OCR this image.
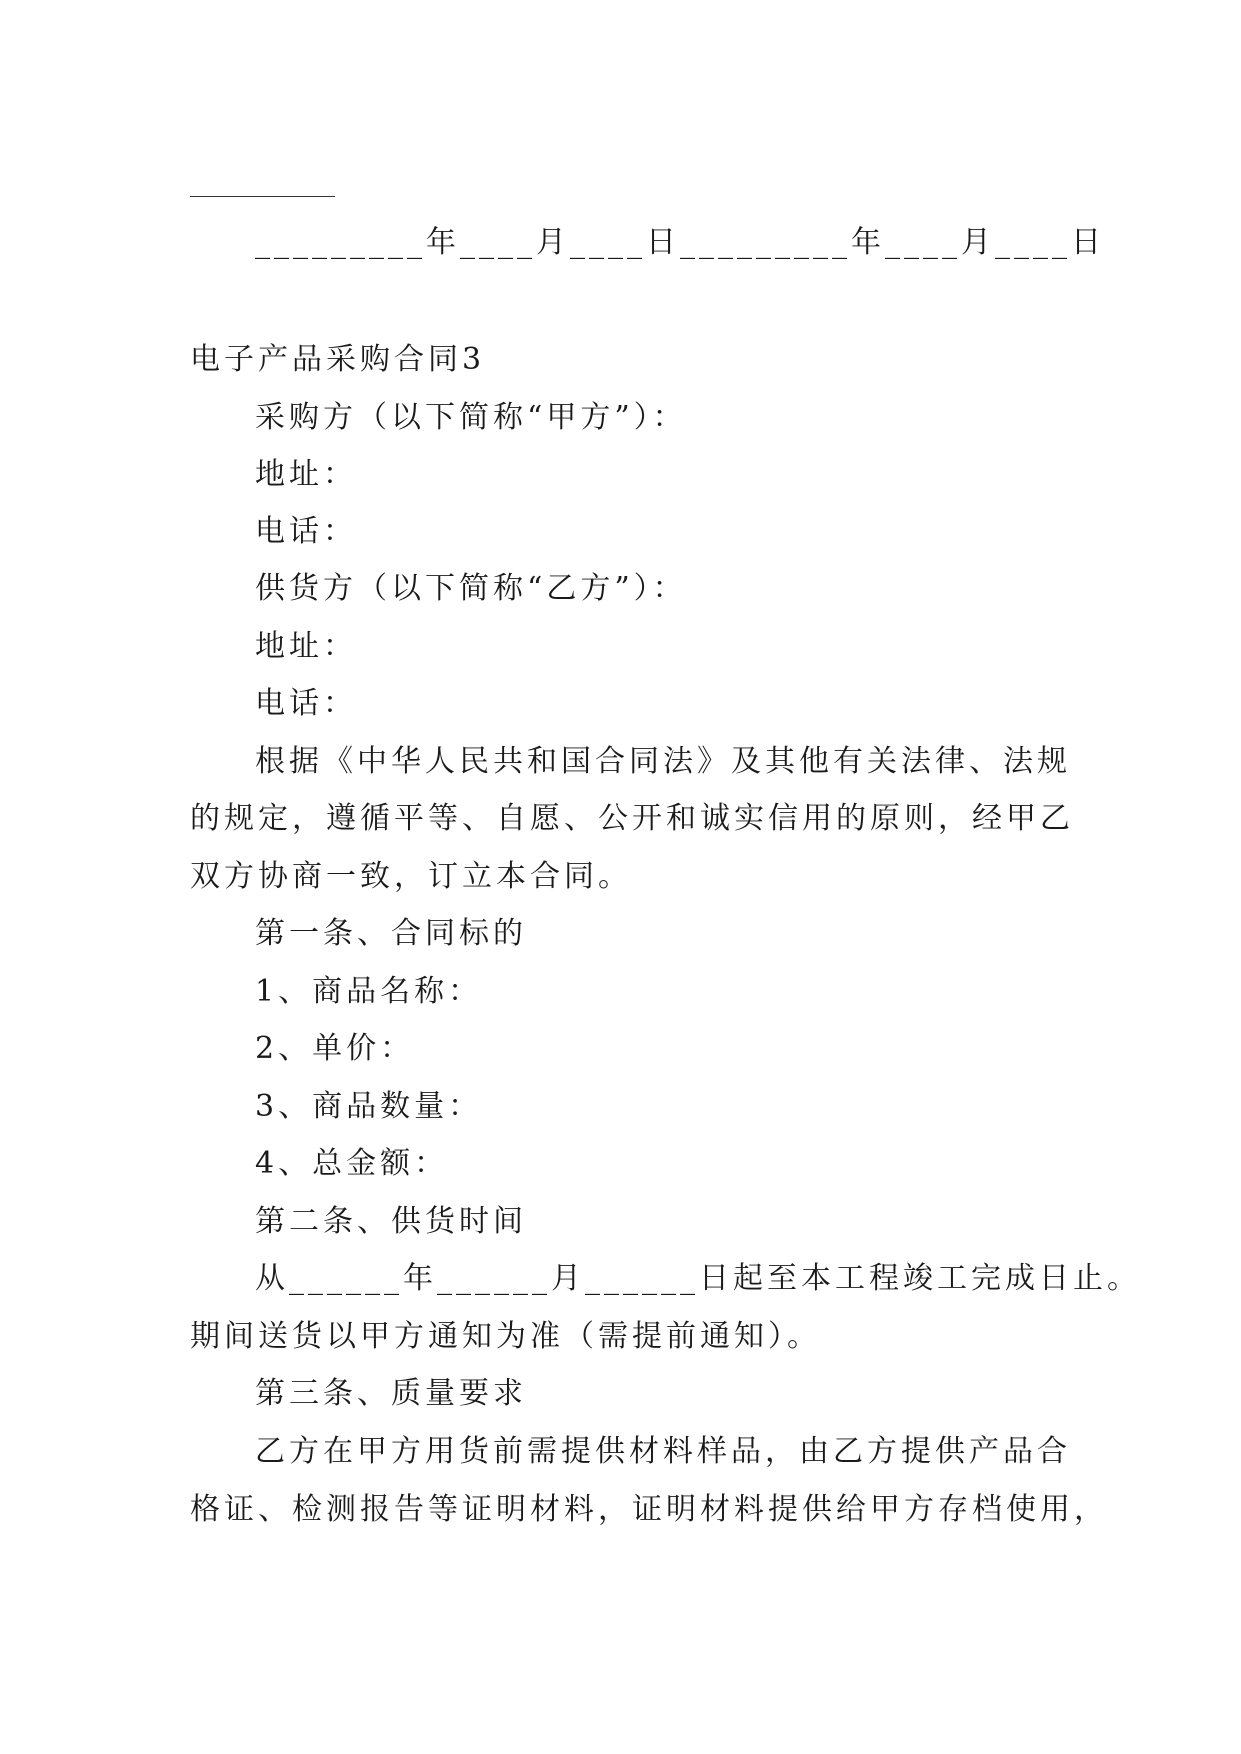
_________年____月____日_________年____月____日
电子产品采购合同3
采购方（以下简称“甲方”）：
地址：
电话：
供货方（以下简称“乙方”）：
地址：
电话：
根据《中华人民共和国合同法》及其他有关法律、法规
的规定，遵循平等、自愿、公开和诚实信用的原则，经甲乙
双方协商一致，订立本合同。
第一条、合同标的
1、商品名称：
2、单价：
3、商品数量：
4、总金额：
第二条、供货时间
从______年______月______日起至本工程竣工完成日止。
期间送货以甲方通知为准（需提前通知）。
第三条、质量要求
乙方在甲方用货前需提供材料样品，由乙方提供产品合
格证、检测报告等证明材料，证明材料提供给甲方存档使用，
